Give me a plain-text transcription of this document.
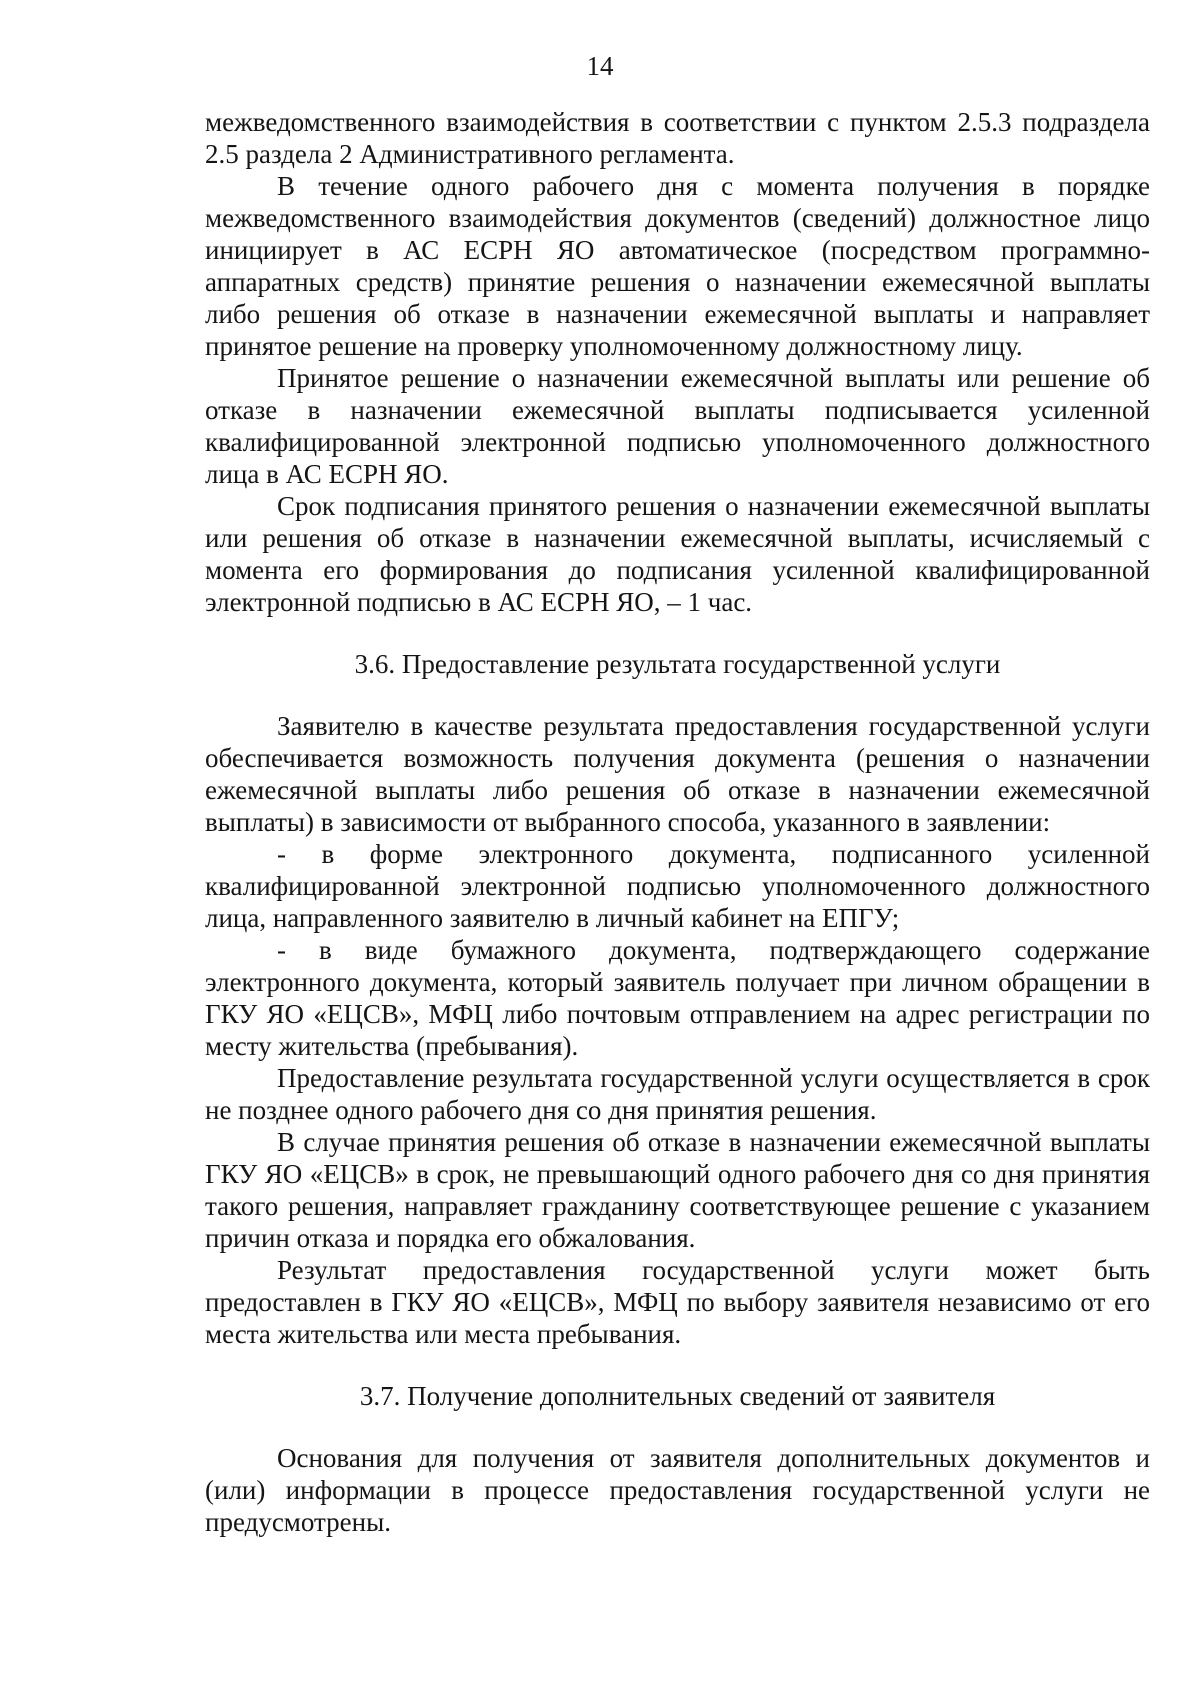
14

межведомственного взаимодействия в соответствии с пунктом 2.5.3 подраздела 2.5 раздела 2 Административного регламента.

В течение одного рабочего дня с момента получения в порядке межведомственного взаимодействия документов (сведений) должностное лицо инициирует в АС ЕСРН ЯО автоматическое (посредством программно-аппаратных средств) принятие решения о назначении ежемесячной выплаты либо решения об отказе в назначении ежемесячной выплаты и направляет принятое решение на проверку уполномоченному должностному лицу.

Принятое решение о назначении ежемесячной выплаты или решение об отказе в назначении ежемесячной выплаты подписывается усиленной квалифицированной электронной подписью уполномоченного должностного лица в АС ЕСРН ЯО.

Срок подписания принятого решения о назначении ежемесячной выплаты или решения об отказе в назначении ежемесячной выплаты, исчисляемый с момента его формирования до подписания усиленной квалифицированной электронной подписью в АС ЕСРН ЯО, – 1 час.

3.6. Предоставление результата государственной услуги

Заявителю в качестве результата предоставления государственной услуги обеспечивается возможность получения документа (решения о назначении ежемесячной выплаты либо решения об отказе в назначении ежемесячной выплаты) в зависимости от выбранного способа, указанного в заявлении:

- в форме электронного документа, подписанного усиленной квалифицированной электронной подписью уполномоченного должностного лица, направленного заявителю в личный кабинет на ЕПГУ;

- в виде бумажного документа, подтверждающего содержание электронного документа, который заявитель получает при личном обращении в ГКУ ЯО «ЕЦСВ», МФЦ либо почтовым отправлением на адрес регистрации по месту жительства (пребывания).

Предоставление результата государственной услуги осуществляется в срок не позднее одного рабочего дня со дня принятия решения.

В случае принятия решения об отказе в назначении ежемесячной выплаты ГКУ ЯО «ЕЦСВ» в срок, не превышающий одного рабочего дня со дня принятия такого решения, направляет гражданину соответствующее решение с указанием причин отказа и порядка его обжалования.

Результат предоставления государственной услуги может быть предоставлен в ГКУ ЯО «ЕЦСВ», МФЦ по выбору заявителя независимо от его места жительства или места пребывания.

3.7. Получение дополнительных сведений от заявителя

Основания для получения от заявителя дополнительных документов и (или) информации в процессе предоставления государственной услуги не предусмотрены.
